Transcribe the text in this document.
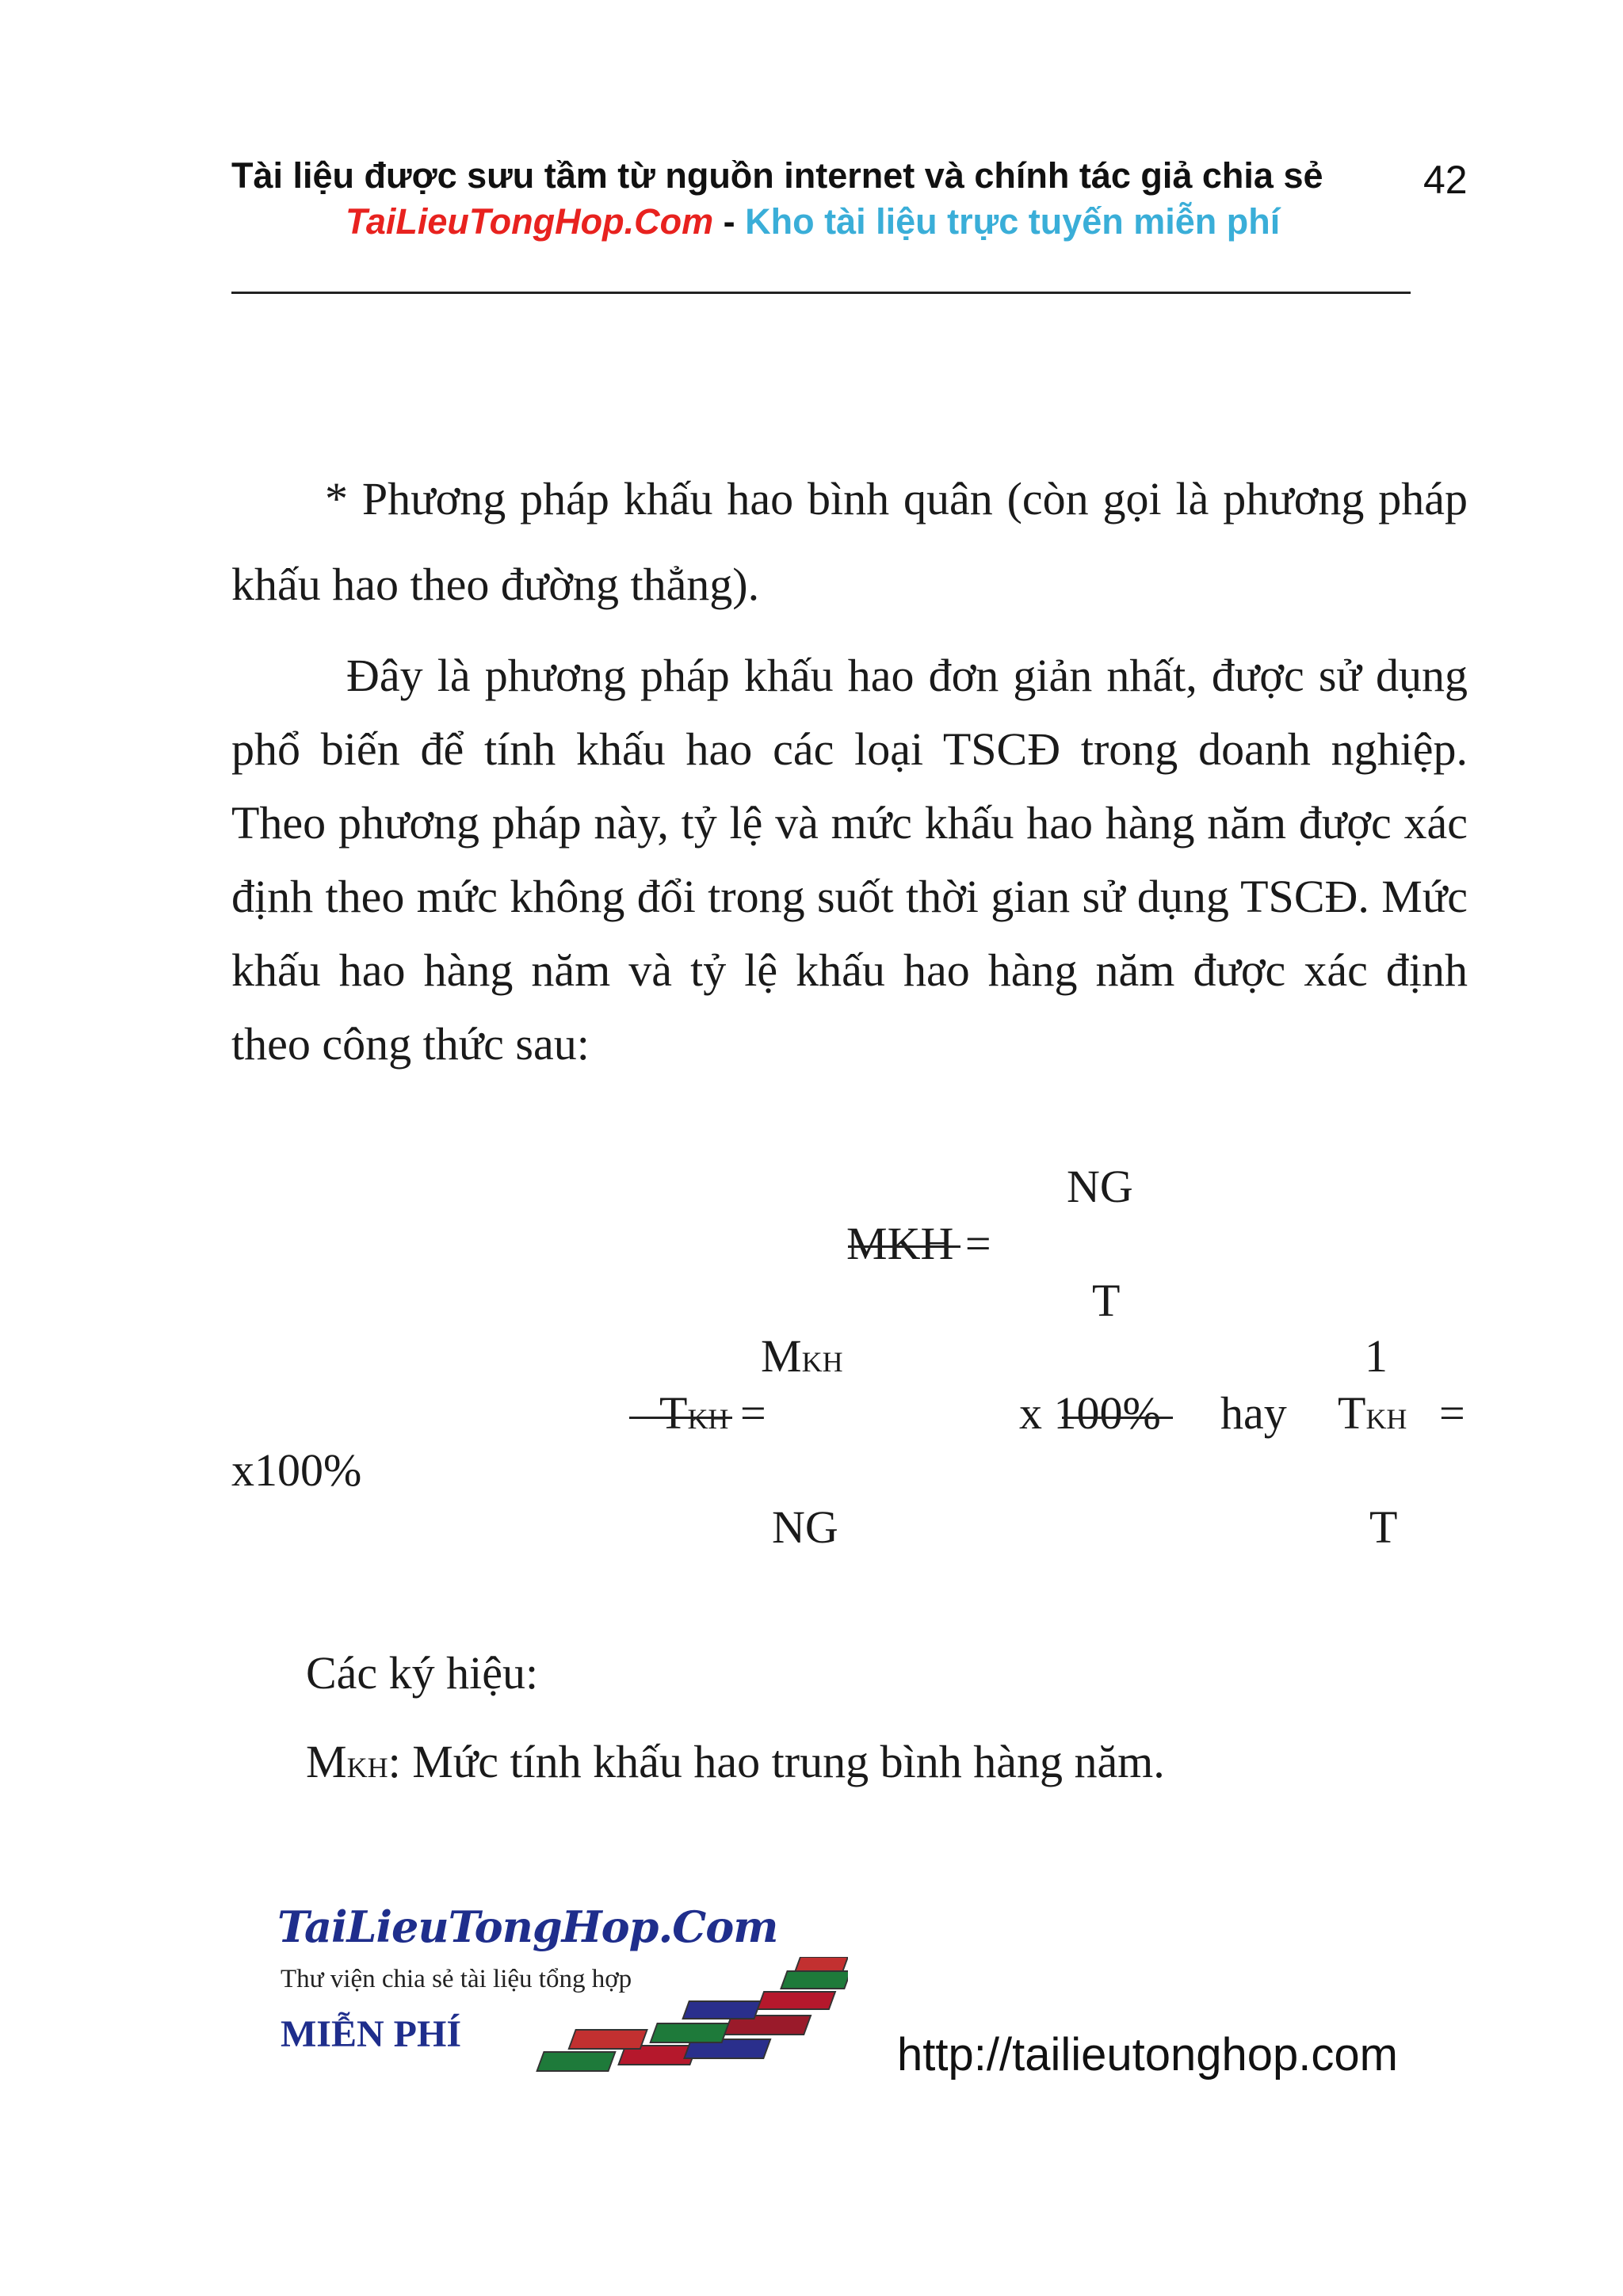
Tài liệu được sưu tầm từ nguồn internet và chính tác giả chia sẻ	42
TaiLieuTongHop.Com - Kho tài liệu trực tuyến miễn phí
* Phương pháp khấu hao bình quân (còn gọi là phương pháp khấu hao theo đường thẳng).
Đây là phương pháp khấu hao đơn giản nhất, được sử dụng phổ biến để tính khấu hao các loại TSCĐ trong doanh nghiệp. Theo phương pháp này, tỷ lệ và mức khấu hao hàng năm được xác định theo mức không đổi trong suốt thời gian sử dụng TSCĐ. Mức khấu hao hàng năm và tỷ lệ khấu hao hàng năm được xác định theo công thức sau:
NG
MKH =
T
MKH	1
TKH =	x 100% hay TKH =
x100%
NG	T
Các ký hiệu:
MKH: Mức tính khấu hao trung bình hàng năm.
TaiLieuTongHop.Com
Thư viện chia sẻ tài liệu tổng hợp
MIỄN PHÍ	http://tailieutonghop.com
